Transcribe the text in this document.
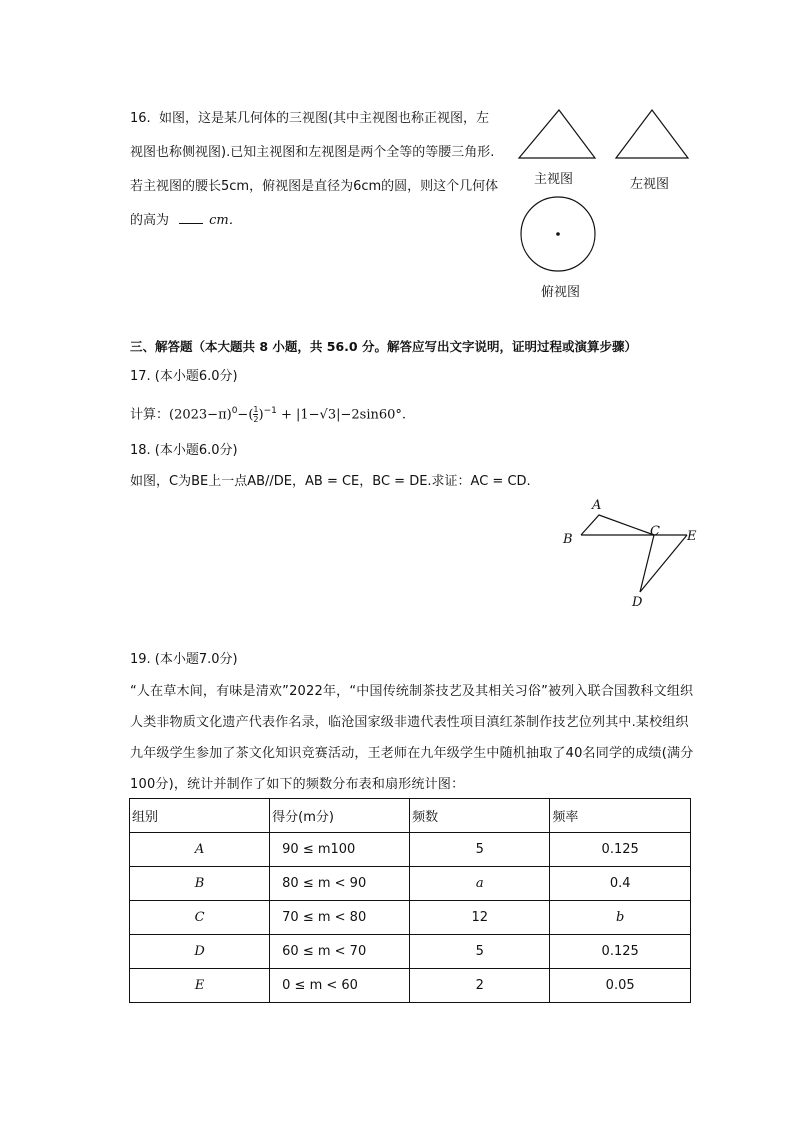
16. 如图，这是某几何体的三视图(其中主视图也称正视图，左视图也称侧视图).已知主视图和左视图是两个全等的等腰三角形.若主视图的腰长5cm，俯视图是直径为6cm的圆，则这个几何体的高为	cm．
主视图	左视图
俯视图
三、解答题（本大题共 8 小题，共 56.0 分。解答应写出文字说明，证明过程或演算步骤）
17. (本小题6.0分)
计算：$(2023-\pi)^0-( \frac{1}{2} )^{-1} + |1-√3|-2\sin 60^\circ$.
18. (本小题6.0分)
如图，C为BE上一点AB//DE，AB = CE，BC = DE.求证：AC = CD.
A
B
C
D
E
19. (本小题7.0分)
“人在草木间，有味是清欢”2022年，“中国传统制茶技艺及其相关习俗”被列入联合国教科文组织人类非物质文化遗产代表作名录，临沧国家级非遗代表性项目滇红茶制作技艺位列其中.某校组织九年级学生参加了茶文化知识竞赛活动，王老师在九年级学生中随机抽取了40名同学的成绩(满分100分)，统计并制作了如下的频数分布表和扇形统计图：
组别	得分(m分)	频数	频率
A	90 ≤ m100	5	0.125
B	80 ≤ m < 90	a	0.4
C	70 ≤ m < 80	12	b
D	60 ≤ m < 70	5	0.125
E	0 ≤ m < 60	2	0.05
